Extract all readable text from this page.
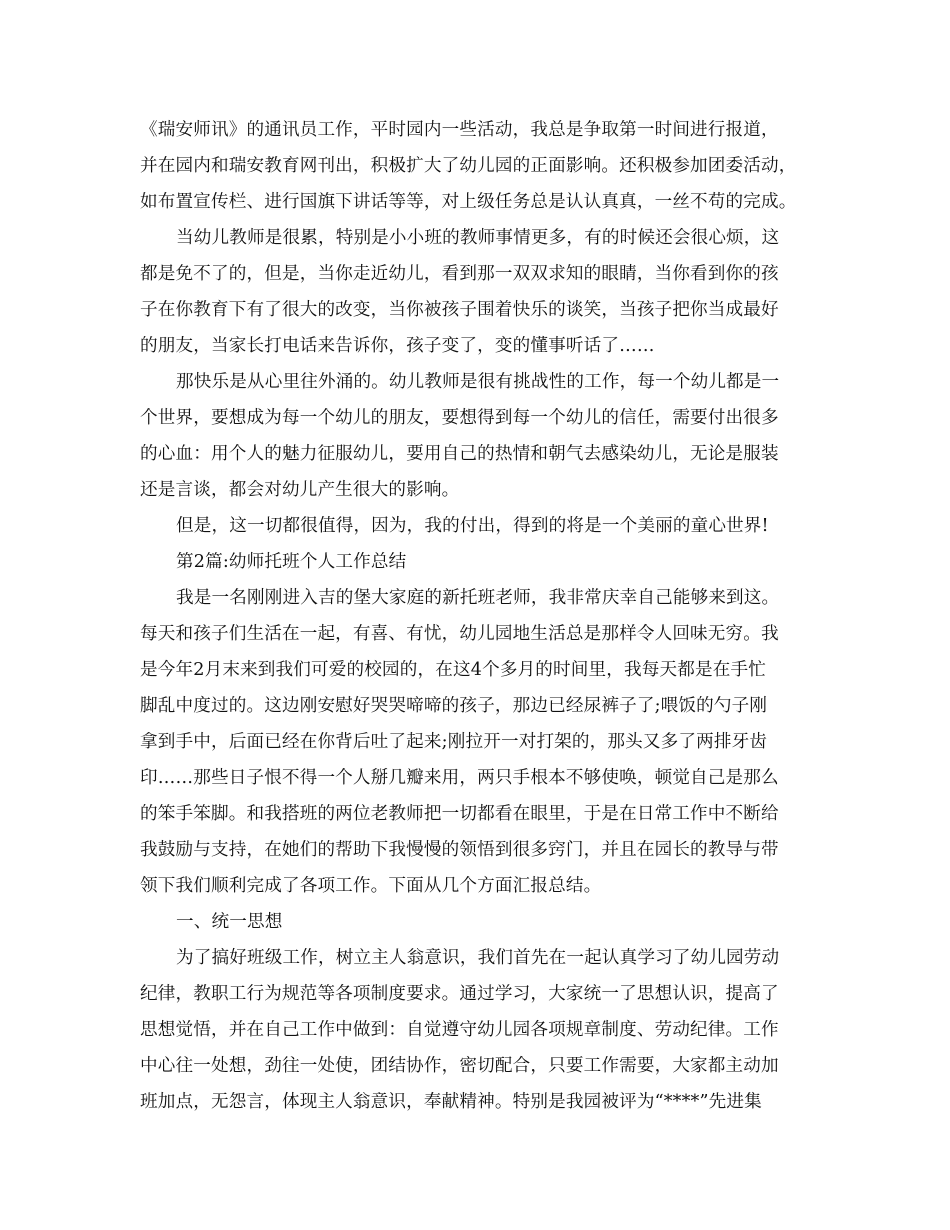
《瑞安师讯》的通讯员工作，平时园内一些活动，我总是争取第一时间进行报道，
并在园内和瑞安教育网刊出，积极扩大了幼儿园的正面影响。还积极参加团委活动，
如布置宣传栏、进行国旗下讲话等等，对上级任务总是认认真真，一丝不苟的完成。
当幼儿教师是很累，特别是小小班的教师事情更多，有的时候还会很心烦，这
都是免不了的，但是，当你走近幼儿，看到那一双双求知的眼睛，当你看到你的孩
子在你教育下有了很大的改变，当你被孩子围着快乐的谈笑，当孩子把你当成最好
的朋友，当家长打电话来告诉你，孩子变了，变的懂事听话了……
那快乐是从心里往外涌的。幼儿教师是很有挑战性的工作，每一个幼儿都是一
个世界，要想成为每一个幼儿的朋友，要想得到每一个幼儿的信任，需要付出很多
的心血：用个人的魅力征服幼儿，要用自己的热情和朝气去感染幼儿，无论是服装
还是言谈，都会对幼儿产生很大的影响。
但是，这一切都很值得，因为，我的付出，得到的将是一个美丽的童心世界!
第2篇:幼师托班个人工作总结
我是一名刚刚进入吉的堡大家庭的新托班老师，我非常庆幸自己能够来到这。
每天和孩子们生活在一起，有喜、有忧，幼儿园地生活总是那样令人回味无穷。我
是今年2月末来到我们可爱的校园的，在这4个多月的时间里，我每天都是在手忙
脚乱中度过的。这边刚安慰好哭哭啼啼的孩子，那边已经尿裤子了;喂饭的勺子刚
拿到手中，后面已经在你背后吐了起来;刚拉开一对打架的，那头又多了两排牙齿
印……那些日子恨不得一个人掰几瓣来用，两只手根本不够使唤，顿觉自己是那么
的笨手笨脚。和我搭班的两位老教师把一切都看在眼里，于是在日常工作中不断给
我鼓励与支持，在她们的帮助下我慢慢的领悟到很多窍门，并且在园长的教导与带
领下我们顺利完成了各项工作。下面从几个方面汇报总结。
一、统一思想
为了搞好班级工作，树立主人翁意识，我们首先在一起认真学习了幼儿园劳动
纪律，教职工行为规范等各项制度要求。通过学习，大家统一了思想认识，提高了
思想觉悟，并在自己工作中做到：自觉遵守幼儿园各项规章制度、劳动纪律。工作
中心往一处想，劲往一处使，团结协作，密切配合，只要工作需要，大家都主动加
班加点，无怨言，体现主人翁意识，奉献精神。特别是我园被评为“****”先进集
